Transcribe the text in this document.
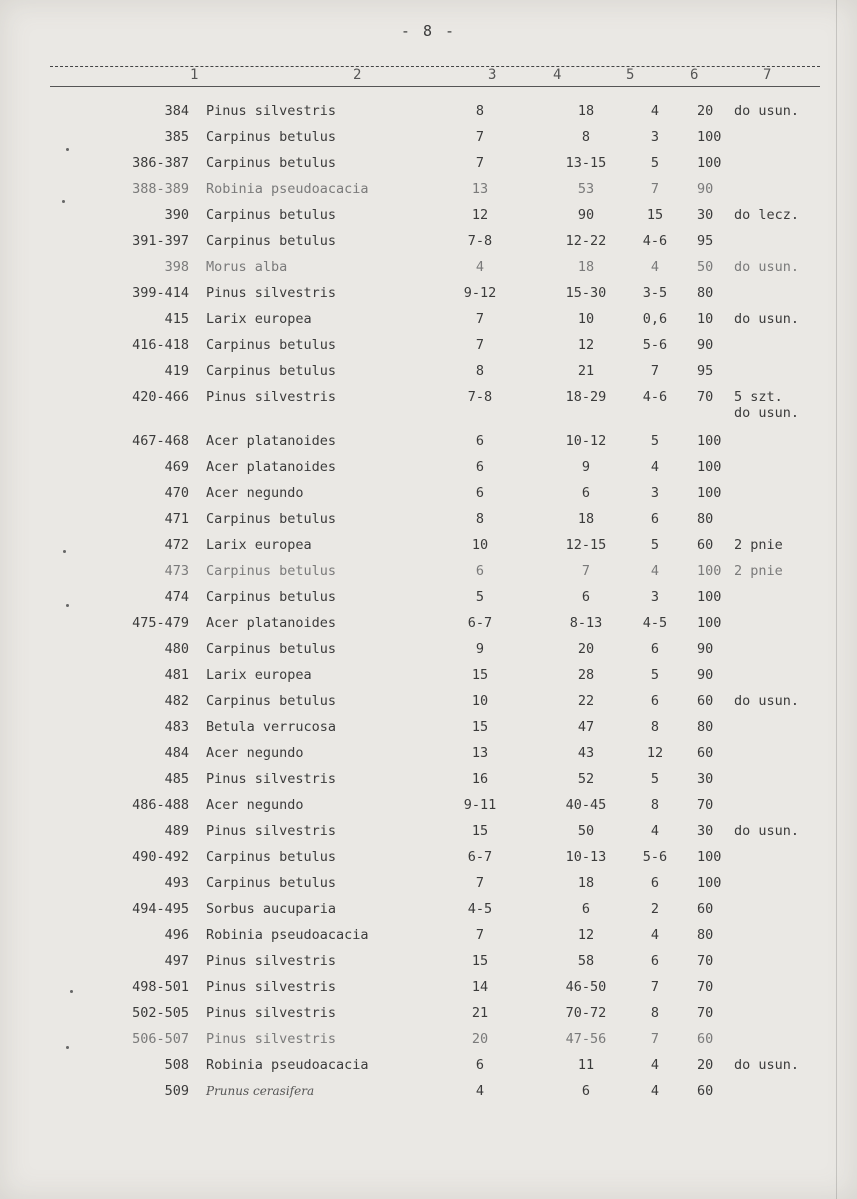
- 8 -
1	2	3	4	5	6	7
384 Pinus silvestris	8	18	4	20 do usun.
385 Carpinus betulus	7	8	3	100
386-387 Carpinus betulus	7	13-15	5	100
388-389 Robinia pseudoacacia	13	53	7	90
390 Carpinus betulus	12	90	15	30 do lecz.
391-397 Carpinus betulus	7-8	12-22	4-6	95
398 Morus alba	4	18	4	50 do usun.
399-414 Pinus silvestris	9-12	15-30	3-5	80
415 Larix europea	7	10	0,6	10 do usun.
416-418 Carpinus betulus	7	12	5-6	90
419 Carpinus betulus	8	21	7	95
420-466 Pinus silvestris	7-8	18-29	4-6	70 5 szt.
do usun.
467-468 Acer platanoides	6	10-12	5	100
469 Acer platanoides	6	9	4	100
470 Acer negundo	6	6	3	100
471 Carpinus betulus	8	18	6	80
472 Larix europea	10	12-15	5	60 2 pnie
473 Carpinus betulus	6	7	4	100 2 pnie
474 Carpinus betulus	5	6	3	100
475-479 Acer platanoides	6-7	8-13	4-5	100
480 Carpinus betulus	9	20	6	90
481 Larix europea	15	28	5	90
482 Carpinus betulus	10	22	6	60 do usun.
483 Betula verrucosa	15	47	8	80
484 Acer negundo	13	43	12	60
485 Pinus silvestris	16	52	5	30
486-488 Acer negundo	9-11	40-45	8	70
489 Pinus silvestris	15	50	4	30 do usun.
490-492 Carpinus betulus	6-7	10-13	5-6	100
493 Carpinus betulus	7	18	6	100
494-495 Sorbus aucuparia	4-5	6	2	60
496 Robinia pseudoacacia	7	12	4	80
497 Pinus silvestris	15	58	6	70
498-501 Pinus silvestris	14	46-50	7	70
502-505 Pinus silvestris	21	70-72	8	70
506-507 Pinus silvestris	20	47-56	7	60
508 Robinia pseudoacacia	6	11	4	20 do usun.
509 Prunus cerasifera	4	6	4	60
